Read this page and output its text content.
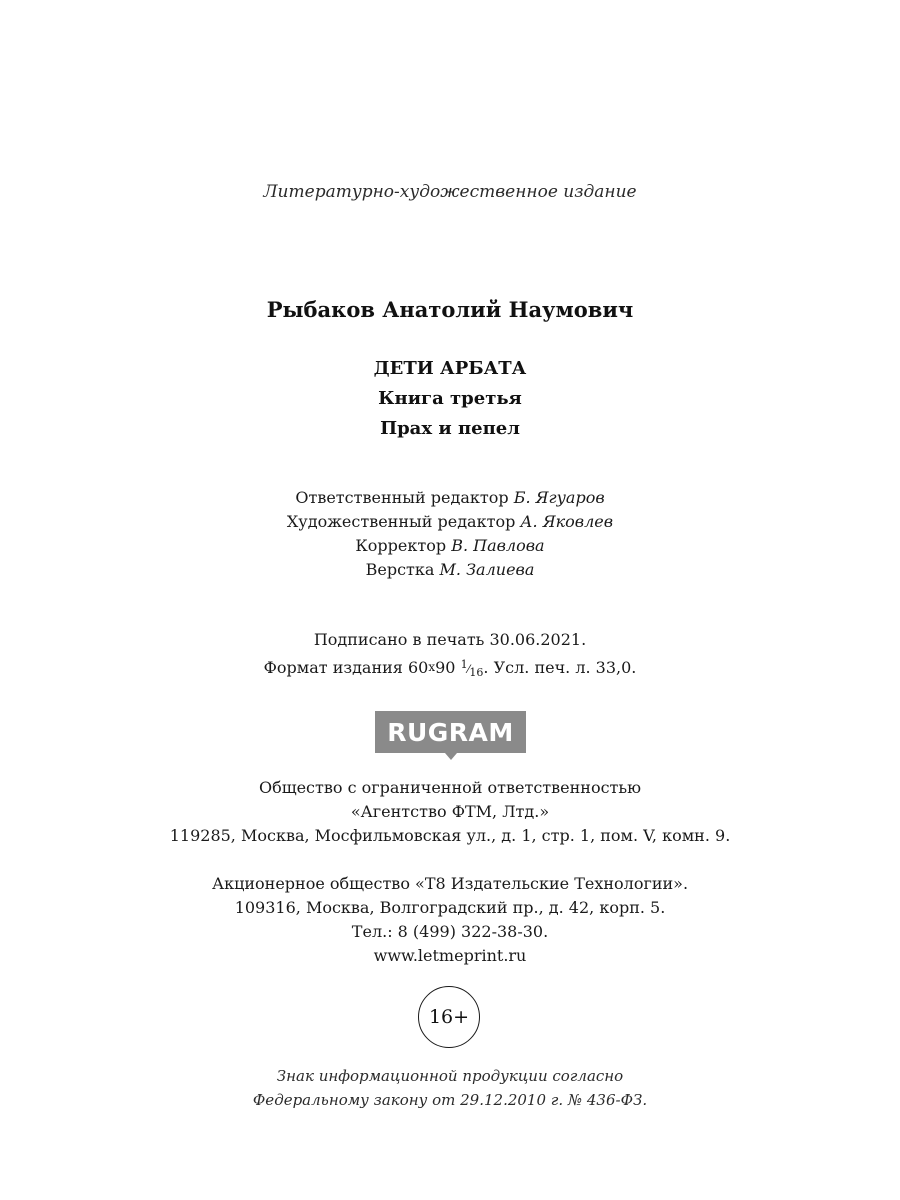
Литературно-художественное издание
Рыбаков Анатолий Наумович
ДЕТИ АРБАТА
Книга третья
Прах и пепел
Ответственный редактор Б. Ягуаров
Художественный редактор А. Яковлев
Корректор В. Павлова
Верстка М. Залиева
Подписано в печать 30.06.2021.
Формат издания 60x90 $^1⁄_{16}$. Усл. печ. л. 33,0.
RUGRAM
Общество с ограниченной ответственностью
«Агентство ФТМ, Лтд.»
119285, Москва, Мосфильмовская ул., д. 1, стр. 1, пом. V, комн. 9.
Акционерное общество «Т8 Издательские Технологии».
109316, Москва, Волгоградский пр., д. 42, корп. 5.
Тел.: 8 (499) 322-38-30.
www.letmeprint.ru
16+
Знак информационной продукции согласно
Федеральному закону от 29.12.2010 г. № 436-ФЗ.
